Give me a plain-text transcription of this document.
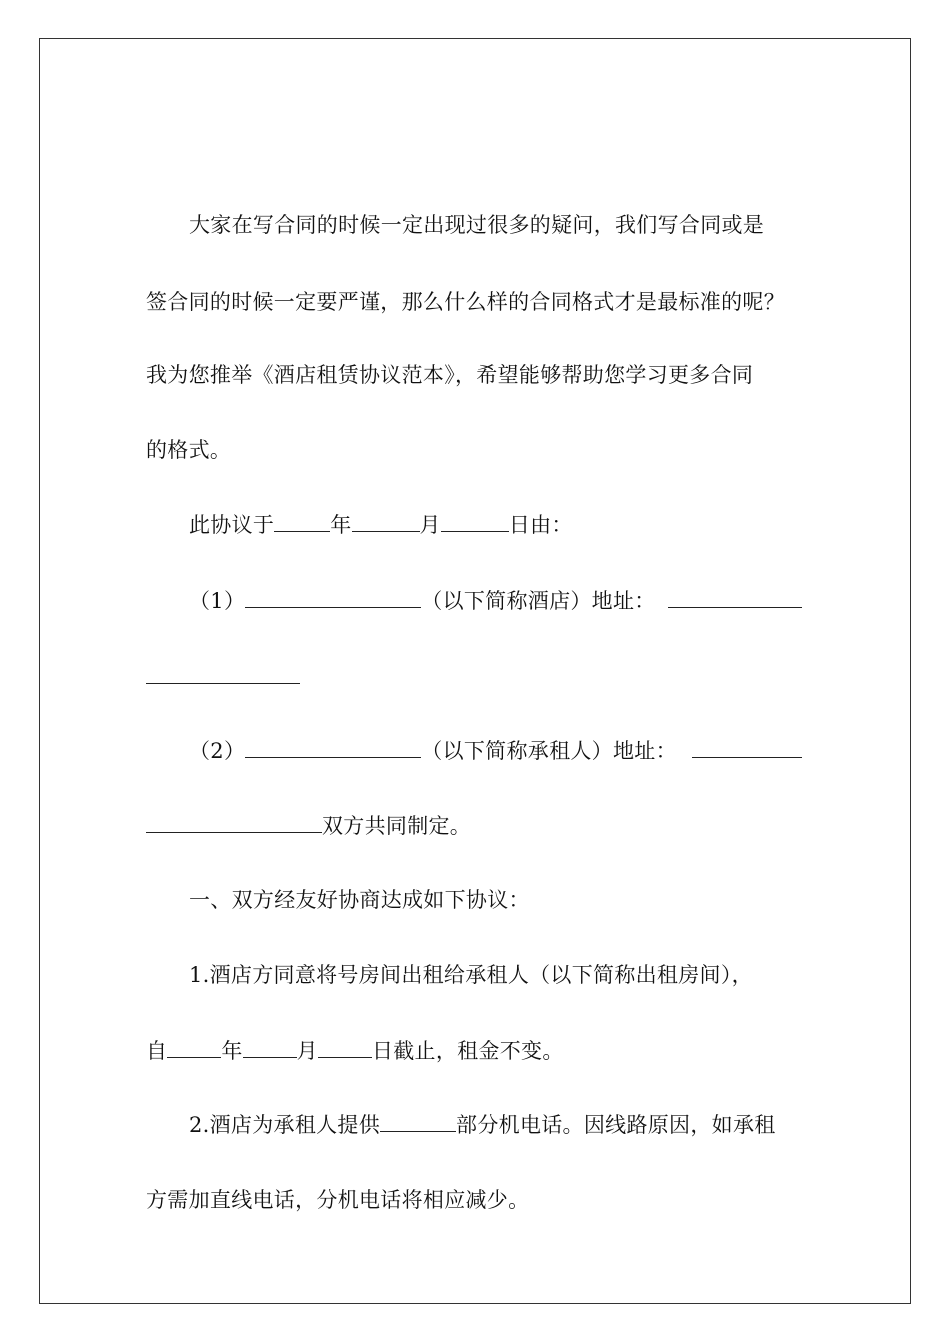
大家在写合同的时候一定出现过很多的疑问，我们写合同或是
签合同的时候一定要严谨，那么什么样的合同格式才是最标准的呢？
我为您推举《酒店租赁协议范本》，希望能够帮助您学习更多合同
的格式。
此协议于	年	月	日由：
（1）	（以下简称酒店）地址：
（2）	（以下简称承租人）地址：
双方共同制定。
一、双方经友好协商达成如下协议：
1.酒店方同意将号房间出租给承租人（以下简称出租房间），
自	年	月	日截止，租金不变。
2.酒店为承租人提供	部分机电话。因线路原因，如承租
方需加直线电话，分机电话将相应减少。
